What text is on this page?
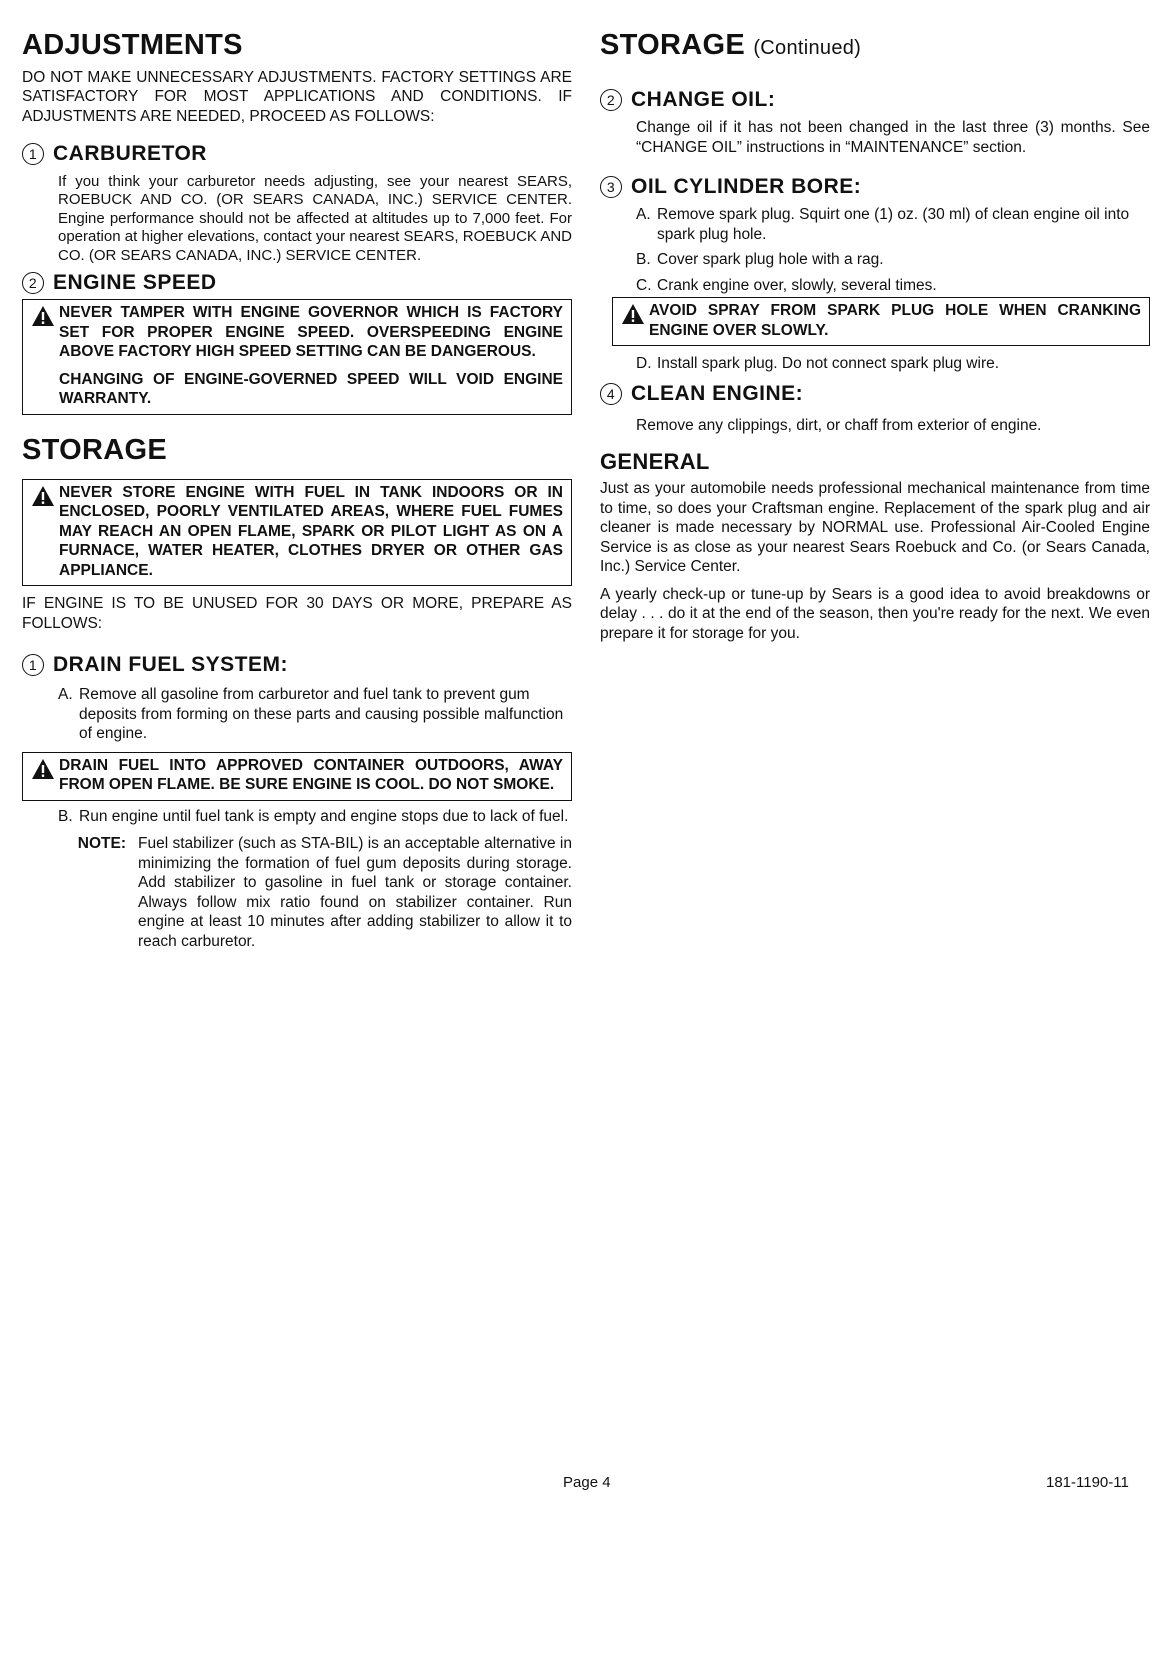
ADJUSTMENTS

DO NOT MAKE UNNECESSARY ADJUSTMENTS. FACTORY SETTINGS ARE SATISFACTORY FOR MOST APPLICATIONS AND CONDITIONS. IF ADJUSTMENTS ARE NEEDED, PROCEED AS FOLLOWS:

1 CARBURETOR

If you think your carburetor needs adjusting, see your nearest SEARS, ROEBUCK AND CO. (OR SEARS CANADA, INC.) SERVICE CENTER. Engine performance should not be affected at altitudes up to 7,000 feet. For operation at higher elevations, contact your nearest SEARS, ROEBUCK AND CO. (OR SEARS CANADA, INC.) SERVICE CENTER.

2 ENGINE SPEED

NEVER TAMPER WITH ENGINE GOVERNOR WHICH IS FACTORY SET FOR PROPER ENGINE SPEED. OVERSPEEDING ENGINE ABOVE FACTORY HIGH SPEED SETTING CAN BE DANGEROUS.

CHANGING OF ENGINE-GOVERNED SPEED WILL VOID ENGINE WARRANTY.

STORAGE

NEVER STORE ENGINE WITH FUEL IN TANK INDOORS OR IN ENCLOSED, POORLY VENTILATED AREAS, WHERE FUEL FUMES MAY REACH AN OPEN FLAME, SPARK OR PILOT LIGHT AS ON A FURNACE, WATER HEATER, CLOTHES DRYER OR OTHER GAS APPLIANCE.

IF ENGINE IS TO BE UNUSED FOR 30 DAYS OR MORE, PREPARE AS FOLLOWS:

1 DRAIN FUEL SYSTEM:
A. Remove all gasoline from carburetor and fuel tank to prevent gum deposits from forming on these parts and causing possible malfunction of engine.

DRAIN FUEL INTO APPROVED CONTAINER OUTDOORS, AWAY FROM OPEN FLAME. BE SURE ENGINE IS COOL. DO NOT SMOKE.

B. Run engine until fuel tank is empty and engine stops due to lack of fuel.
NOTE: Fuel stabilizer (such as STA-BIL) is an acceptable alternative in minimizing the formation of fuel gum deposits during storage. Add stabilizer to gasoline in fuel tank or storage container. Always follow mix ratio found on stabilizer container. Run engine at least 10 minutes after adding stabilizer to allow it to reach carburetor.
STORAGE (Continued)
2 CHANGE OIL:

Change oil if it has not been changed in the last three (3) months. See “CHANGE OIL” instructions in “MAINTENANCE” section.

3 OIL CYLINDER BORE:
A. Remove spark plug. Squirt one (1) oz. (30 ml) of clean engine oil into spark plug hole.
B. Cover spark plug hole with a rag.
C. Crank engine over, slowly, several times.

AVOID SPRAY FROM SPARK PLUG HOLE WHEN CRANKING ENGINE OVER SLOWLY.

D. Install spark plug. Do not connect spark plug wire.
4 CLEAN ENGINE:

Remove any clippings, dirt, or chaff from exterior of engine.

GENERAL

Just as your automobile needs professional mechanical maintenance from time to time, so does your Craftsman engine. Replacement of the spark plug and air cleaner is made necessary by NORMAL use. Professional Air-Cooled Engine Service is as close as your nearest Sears Roebuck and Co. (or Sears Canada, Inc.) Service Center.

A yearly check-up or tune-up by Sears is a good idea to avoid breakdowns or delay . . . do it at the end of the season, then you're ready for the next. We even prepare it for storage for you.

Page 4	181-1190-11
